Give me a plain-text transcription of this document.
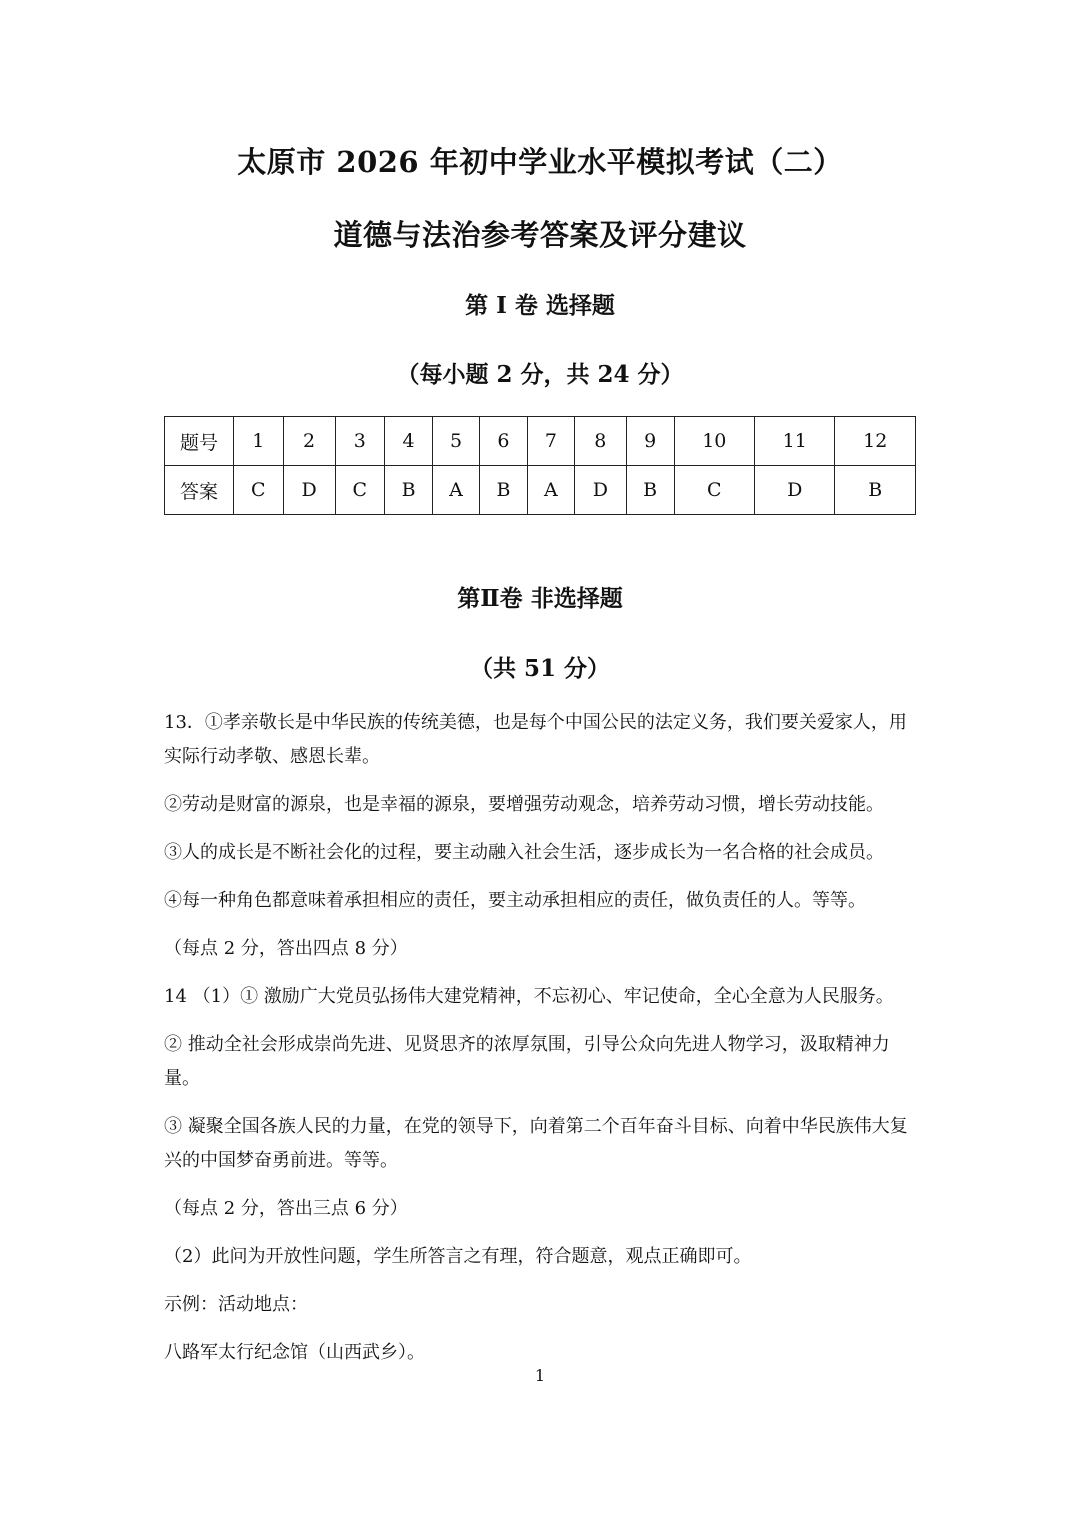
太原市 2026 年初中学业水平模拟考试（二）
道德与法治参考答案及评分建议
第 I 卷 选择题
（每小题 2 分，共 24 分）
题号	1	2	3	4	5	6	7	8	9	10	11	12
答案	C	D	C	B	A	B	A	D	B	C	D	B
第Ⅱ卷 非选择题
（共 51 分）

13．①孝亲敬长是中华民族的传统美德，也是每个中国公民的法定义务，我们要关爱家人，用实际行动孝敬、感恩长辈。

②劳动是财富的源泉，也是幸福的源泉，要增强劳动观念，培养劳动习惯，增长劳动技能。

③人的成长是不断社会化的过程，要主动融入社会生活，逐步成长为一名合格的社会成员。

④每一种角色都意味着承担相应的责任，要主动承担相应的责任，做负责任的人。等等。

（每点 2 分，答出四点 8 分）

14 （1）① 激励广大党员弘扬伟大建党精神，不忘初心、牢记使命，全心全意为人民服务。

② 推动全社会形成崇尚先进、见贤思齐的浓厚氛围，引导公众向先进人物学习，汲取精神力量。

③ 凝聚全国各族人民的力量，在党的领导下，向着第二个百年奋斗目标、向着中华民族伟大复兴的中国梦奋勇前进。等等。

（每点 2 分，答出三点 6 分）

（2）此问为开放性问题，学生所答言之有理，符合题意，观点正确即可。

示例：活动地点：

八路军太行纪念馆（山西武乡）。

1
